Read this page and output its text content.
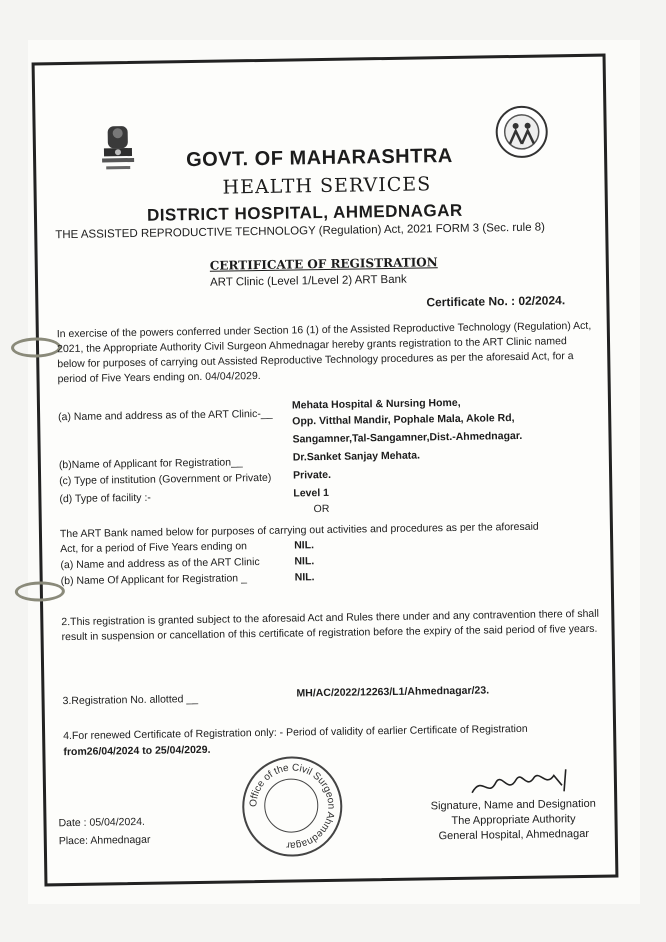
GOVT. OF MAHARASHTRA
HEALTH SERVICES
DISTRICT HOSPITAL, AHMEDNAGAR
THE ASSISTED REPRODUCTIVE TECHNOLOGY (Regulation) Act, 2021 FORM 3 (Sec. rule 8)
CERTIFICATE OF REGISTRATION
ART Clinic (Level 1/Level 2) ART Bank
Certificate No. : 02/2024.
In exercise of the powers conferred under Section 16 (1) of the Assisted Reproductive Technology (Regulation) Act, 2021, the Appropriate Authority Civil Surgeon Ahmednagar hereby grants registration to the ART Clinic named below for purposes of carrying out Assisted Reproductive Technology procedures as per the aforesaid Act, for a period of Five Years ending on. 04/04/2029.
(a) Name and address as of the ART Clinic-__
Mehata Hospital & Nursing Home,
Opp. Vitthal Mandir, Pophale Mala, Akole Rd,
Sangamner,Tal-Sangamner,Dist.-Ahmednagar.
(b)Name of Applicant for Registration__	Dr.Sanket Sanjay Mehata.
(c) Type of institution (Government or Private) Private.
(d) Type of facility :-	Level 1
OR
The ART Bank named below for purposes of carrying out activities and procedures as per the aforesaid
Act, for a period of Five Years ending on	NIL.
(a) Name and address as of the ART Clinic	NIL.
(b) Name Of Applicant for Registration _	NIL.
2.This registration is granted subject to the aforesaid Act and Rules there under and any contravention there of shall result in suspension or cancellation of this certificate of registration before the expiry of the said period of five years.
3.Registration No. allotted __
MH/AC/2022/12263/L1/Ahmednagar/23.
4.For renewed Certificate of Registration only: - Period of validity of earlier Certificate of Registration
from26/04/2024 to 25/04/2029.
Office of the Civil Surgeon Ahmednagar
Date : 05/04/2024.
Place: Ahmednagar
Signature, Name and Designation
The Appropriate Authority
General Hospital, Ahmednagar
